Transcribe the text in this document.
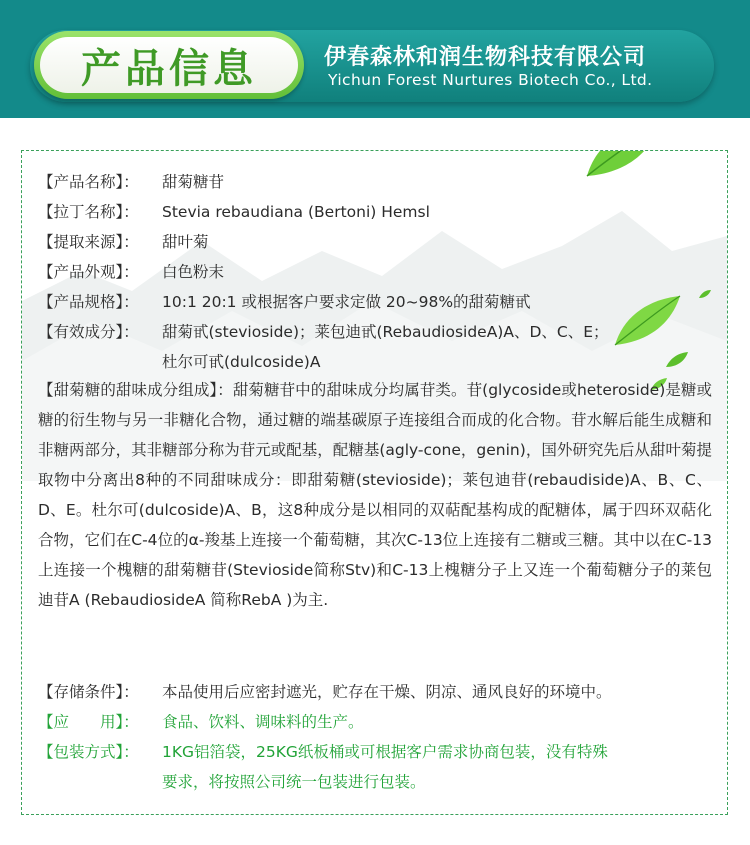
产品信息	伊春森林和润生物科技有限公司
Yichun Forest Nurtures Biotech Co., Ltd.
【产品名称】： 甜菊糖苷
【拉丁名称】： Stevia rebaudiana (Bertoni) Hemsl
【提取来源】： 甜叶菊
【产品外观】： 白色粉末
【产品规格】： 10:1 20:1 或根据客户要求定做 20~98%的甜菊糖甙
【有效成分】： 甜菊甙(stevioside)；莱包迪甙(RebaudiosideA)A、D、C、E；
杜尔可甙(dulcoside)A
【甜菊糖的甜味成分组成】：甜菊糖苷中的甜味成分均属苷类。苷(glycoside或heteroside)是糖或糖的衍生物与另一非糖化合物，通过糖的端基碳原子连接组合而成的化合物。苷水解后能生成糖和非糖两部分，其非糖部分称为苷元或配基，配糖基(agly-cone，genin)，国外研究先后从甜叶菊提取物中分离出8种的不同甜味成分：即甜菊糖(stevioside)；莱包迪苷(rebaudiside)A、B、C、D、E。杜尔可(dulcoside)A、B，这8种成分是以相同的双萜配基构成的配糖体，属于四环双萜化合物，它们在C-4位的α-羧基上连接一个葡萄糖，其次C-13位上连接有二糖或三糖。其中以在C-13上连接一个槐糖的甜菊糖苷(Stevioside简称Stv)和C-13上槐糖分子上又连一个葡萄糖分子的莱包迪苷A (RebaudiosideA 简称RebA )为主.
【存储条件】： 本品使用后应密封遮光，贮存在干燥、阴凉、通风良好的环境中。
【应　　用】： 食品、饮料、调味料的生产。
【包装方式】： 1KG铝箔袋，25KG纸板桶或可根据客户需求协商包装，没有特殊
要求，将按照公司统一包装进行包装。
